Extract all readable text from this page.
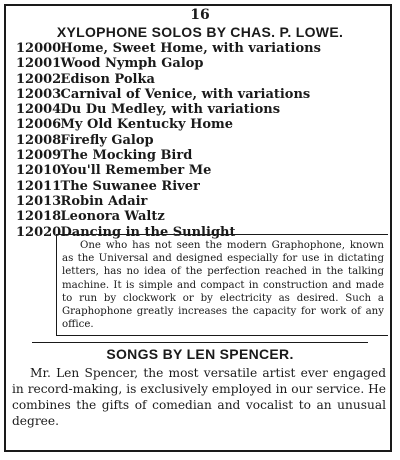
16
XYLOPHONE SOLOS BY CHAS. P. LOWE.
12000 Home, Sweet Home, with variations
12001 Wood Nymph Galop
12002 Edison Polka
12003 Carnival of Venice, with variations
12004 Du Du Medley, with variations
12006 My Old Kentucky Home
12008 Firefly Galop
12009 The Mocking Bird
12010 You'll Remember Me
12011 The Suwanee River
12013 Robin Adair
12018 Leonora Waltz
12020 Dancing in the Sunlight
One who has not seen the modern Graphophone, known as the Universal and designed especially for use in dictating letters, has no idea of the perfection reached in the talking machine. It is simple and compact in construction and made to run by clockwork or by electricity as desired. Such a Graphophone greatly increases the capacity for work of any office.
SONGS BY LEN SPENCER.
Mr. Len Spencer, the most versatile artist ever engaged in record-making, is exclusively employed in our service. He combines the gifts of comedian and vocalist to an unusual degree.
